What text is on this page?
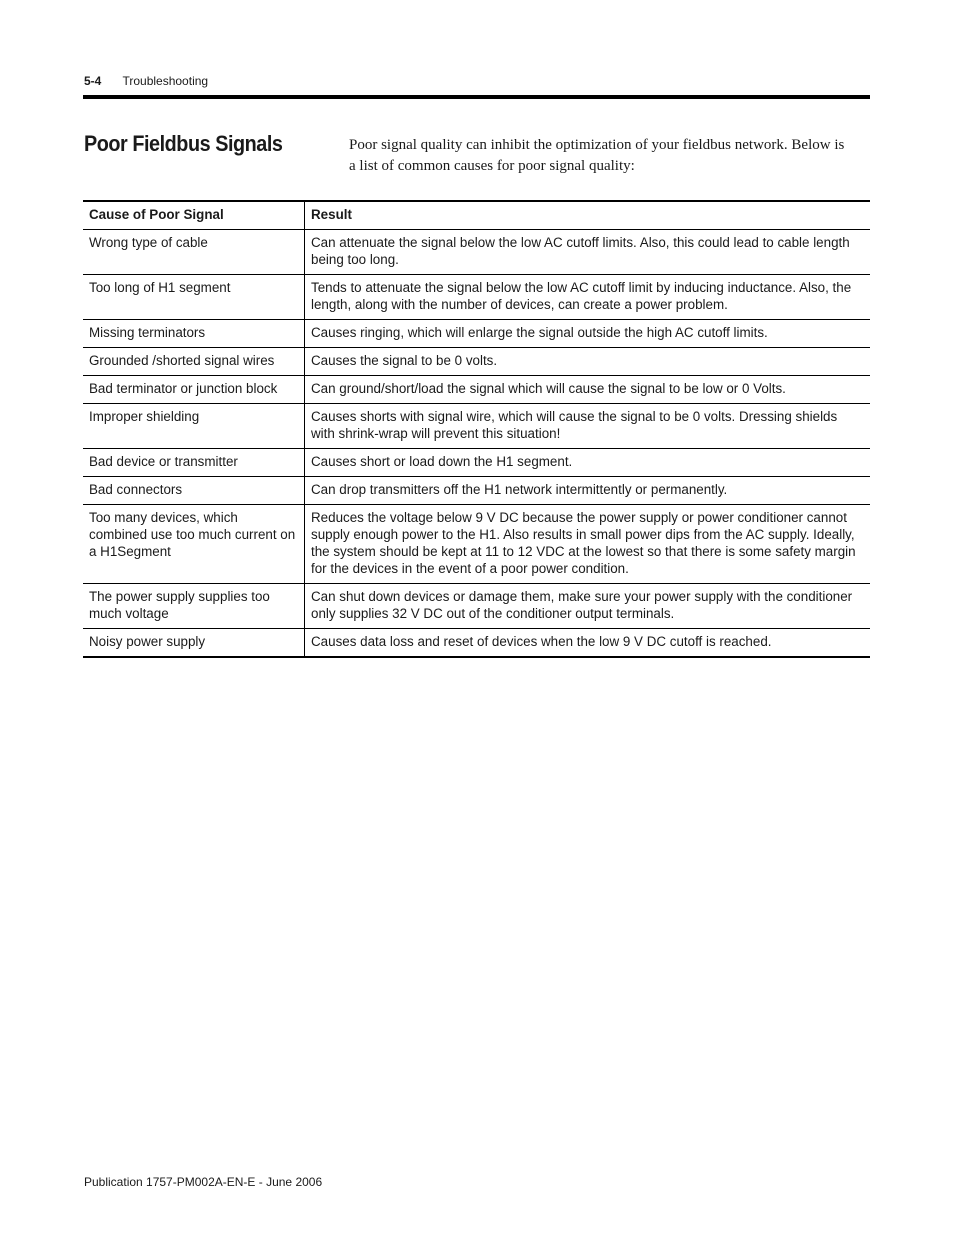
5-4 Troubleshooting
Poor Fieldbus Signals	Poor signal quality can inhibit the optimization of your fieldbus network. Below is a list of common causes for poor signal quality:

Cause of Poor Signal	Result
Wrong type of cable	Can attenuate the signal below the low AC cutoff limits. Also, this could lead to cable length being too long.
Too long of H1 segment	Tends to attenuate the signal below the low AC cutoff limit by inducing inductance. Also, the length, along with the number of devices, can create a power problem.
Missing terminators	Causes ringing, which will enlarge the signal outside the high AC cutoff limits.
Grounded /shorted signal wires	Causes the signal to be 0 volts.
Bad terminator or junction block	Can ground/short/load the signal which will cause the signal to be low or 0 Volts.
Improper shielding	Causes shorts with signal wire, which will cause the signal to be 0 volts. Dressing shields with shrink-wrap will prevent this situation!
Bad device or transmitter	Causes short or load down the H1 segment.
Bad connectors	Can drop transmitters off the H1 network intermittently or permanently.
Too many devices, which combined use too much current on a H1Segment	Reduces the voltage below 9 V DC because the power supply or power conditioner cannot supply enough power to the H1. Also results in small power dips from the AC supply. Ideally, the system should be kept at 11 to 12 VDC at the lowest so that there is some safety margin for the devices in the event of a poor power condition.
The power supply supplies too much voltage	Can shut down devices or damage them, make sure your power supply with the conditioner only supplies 32 V DC out of the conditioner output terminals.
Noisy power supply	Causes data loss and reset of devices when the low 9 V DC cutoff is reached.
Publication 1757-PM002A-EN-E - June 2006
